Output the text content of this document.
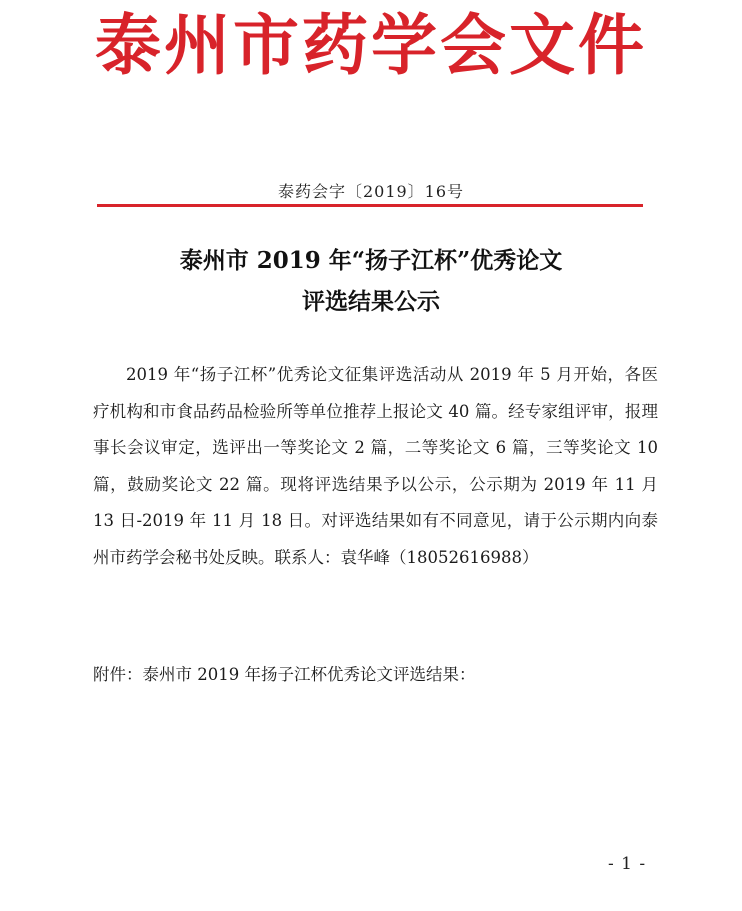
泰州市药学会文件
泰药会字〔2019〕16号
泰州市 2019 年“扬子江杯”优秀论文
评选结果公示

2019 年“扬子江杯”优秀论文征集评选活动从 2019 年 5 月开始，各医疗机构和市食品药品检验所等单位推荐上报论文 40 篇。经专家组评审，报理事长会议审定，选评出一等奖论文 2 篇，二等奖论文 6 篇，三等奖论文 10 篇，鼓励奖论文 22 篇。现将评选结果予以公示，公示期为 2019 年 11 月 13 日-2019 年 11 月 18 日。对评选结果如有不同意见，请于公示期内向泰州市药学会秘书处反映。联系人：袁华峰（18052616988）

附件：泰州市 2019 年扬子江杯优秀论文评选结果：
- 1 -
